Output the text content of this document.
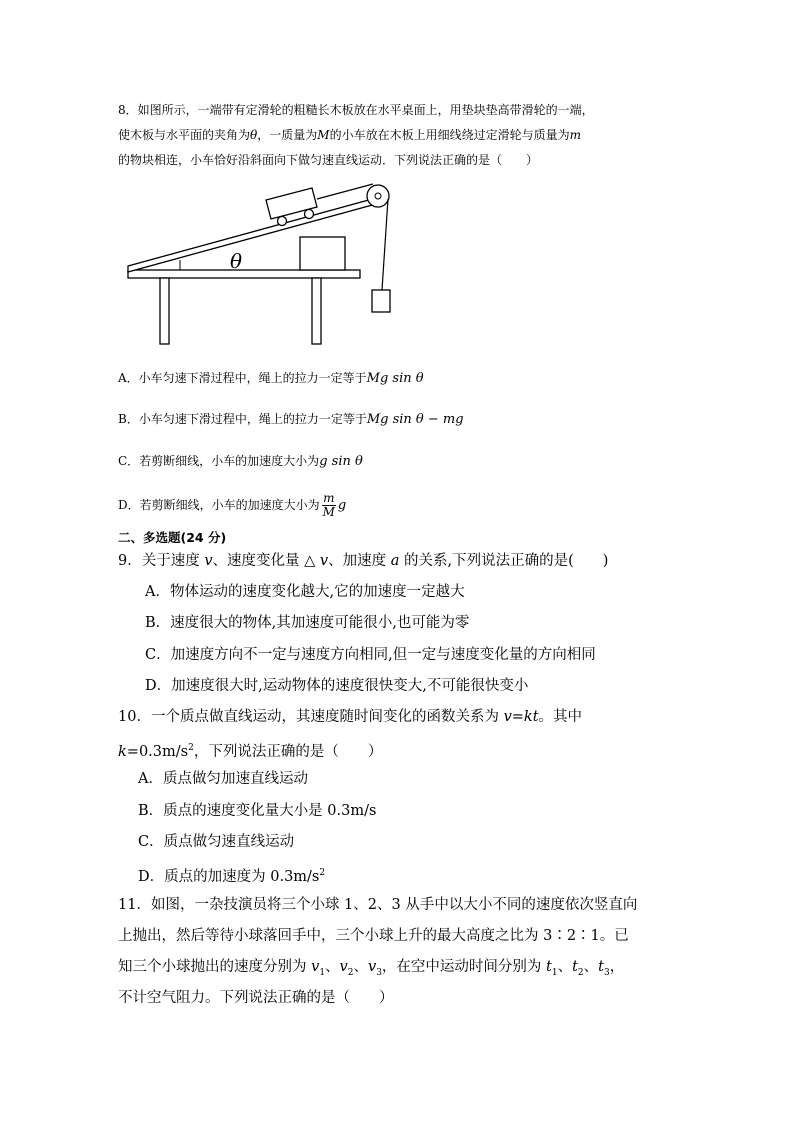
8．如图所示，一端带有定滑轮的粗糙长木板放在水平桌面上，用垫块垫高带滑轮的一端，
使木板与水平面的夹角为θ，一质量为M的小车放在木板上用细线绕过定滑轮与质量为m
的物块相连，小车恰好沿斜面向下做匀速直线运动．下列说法正确的是（　　）
θ
A．小车匀速下滑过程中，绳上的拉力一定等于Mg sin θ
B．小车匀速下滑过程中，绳上的拉力一定等于Mg sin θ − mg
C．若剪断细线，小车的加速度大小为g sin θ
D．若剪断细线，小车的加速度大小为 $\frac{m}{M}$ g
二、多选题(24 分)
9．关于速度 v、速度变化量 △ v、加速度 a 的关系,下列说法正确的是(　　)
A．物体运动的速度变化越大,它的加速度一定越大
B．速度很大的物体,其加速度可能很小,也可能为零
C．加速度方向不一定与速度方向相同,但一定与速度变化量的方向相同
D．加速度很大时,运动物体的速度很快变大,不可能很快变小
10．一个质点做直线运动，其速度随时间变化的函数关系为 v=kt。其中
$k=0.3m/s^2$，下列说法正确的是（　　）
A．质点做匀加速直线运动
B．质点的速度变化量大小是 0.3m/s
C．质点做匀速直线运动
D．质点的加速度为 $0.3m/s^2$
11．如图，一杂技演员将三个小球 1、2、3 从手中以大小不同的速度依次竖直向
上抛出，然后等待小球落回手中，三个小球上升的最大高度之比为 3∶2∶1。已
知三个小球抛出的速度分别为 $v_1$、$v_2$、$v_3$，在空中运动时间分别为 $t_1$、$t_2$、$t_3$，
不计空气阻力。下列说法正确的是（　　）
